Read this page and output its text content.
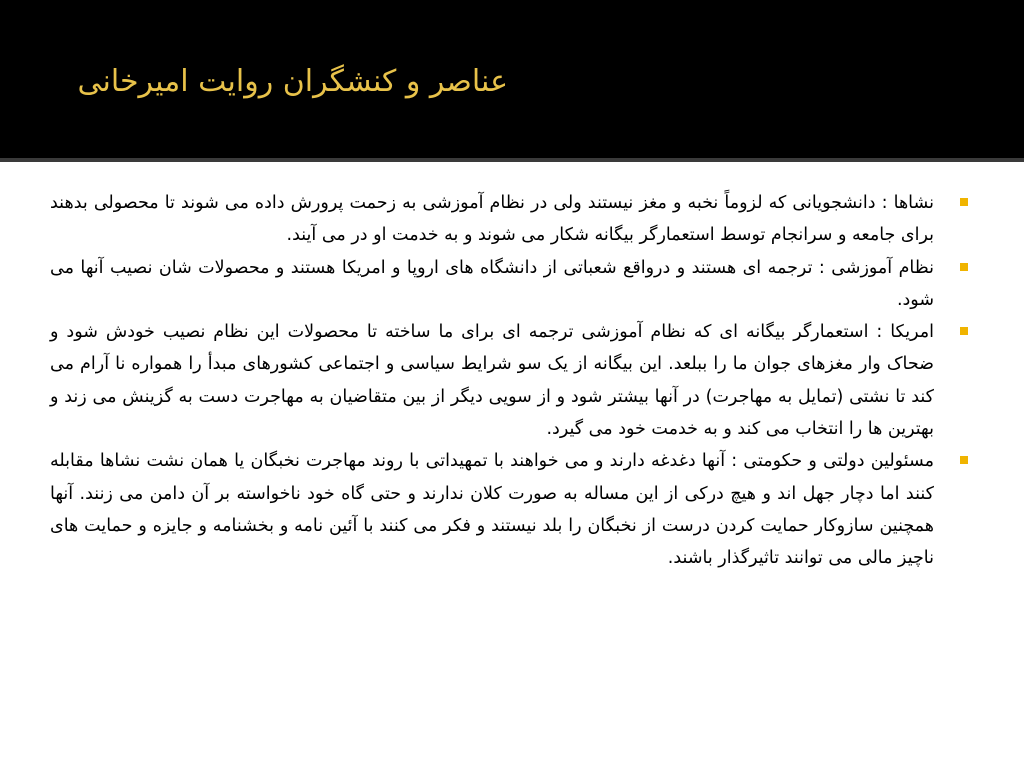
عناصر و کنشگران روایت امیرخانی

نشاها : دانشجویانی که لزوماً نخبه و مغز نیستند ولی در نظام آموزشی به زحمت پرورش داده می شوند تا محصولی بدهند برای جامعه و سرانجام توسط استعمارگر بیگانه شکار می شوند و به خدمت او در می آیند.

نظام آموزشی : ترجمه ای هستند و درواقع شعباتی از دانشگاه های اروپا و امریکا هستند و محصولات شان نصیب آنها می شود.

امریکا : استعمارگر بیگانه ای که نظام آموزشی ترجمه ای برای ما ساخته تا محصولات این نظام نصیب خودش شود و ضحاک وار مغزهای جوان ما را ببلعد. این بیگانه از یک سو شرایط سیاسی و اجتماعی کشورهای مبدأ را همواره نا آرام می کند تا نشتی (تمایل به مهاجرت) در آنها بیشتر شود و از سویی دیگر از بین متقاضیان به مهاجرت دست به گزینش می زند و بهترین ها را انتخاب می کند و به خدمت خود می گیرد.

مسئولین دولتی و حکومتی : آنها دغدغه دارند و می خواهند با تمهیداتی با روند مهاجرت نخبگان یا همان نشت نشاها مقابله کنند اما دچار جهل اند و هیچ درکی از این مساله به صورت کلان ندارند و حتی گاه خود ناخواسته بر آن دامن می زنند. آنها همچنین سازوکار حمایت کردن درست از نخبگان را بلد نیستند و فکر می کنند با آئین نامه و بخشنامه و جایزه و حمایت های ناچیز مالی می توانند تاثیرگذار باشند.
